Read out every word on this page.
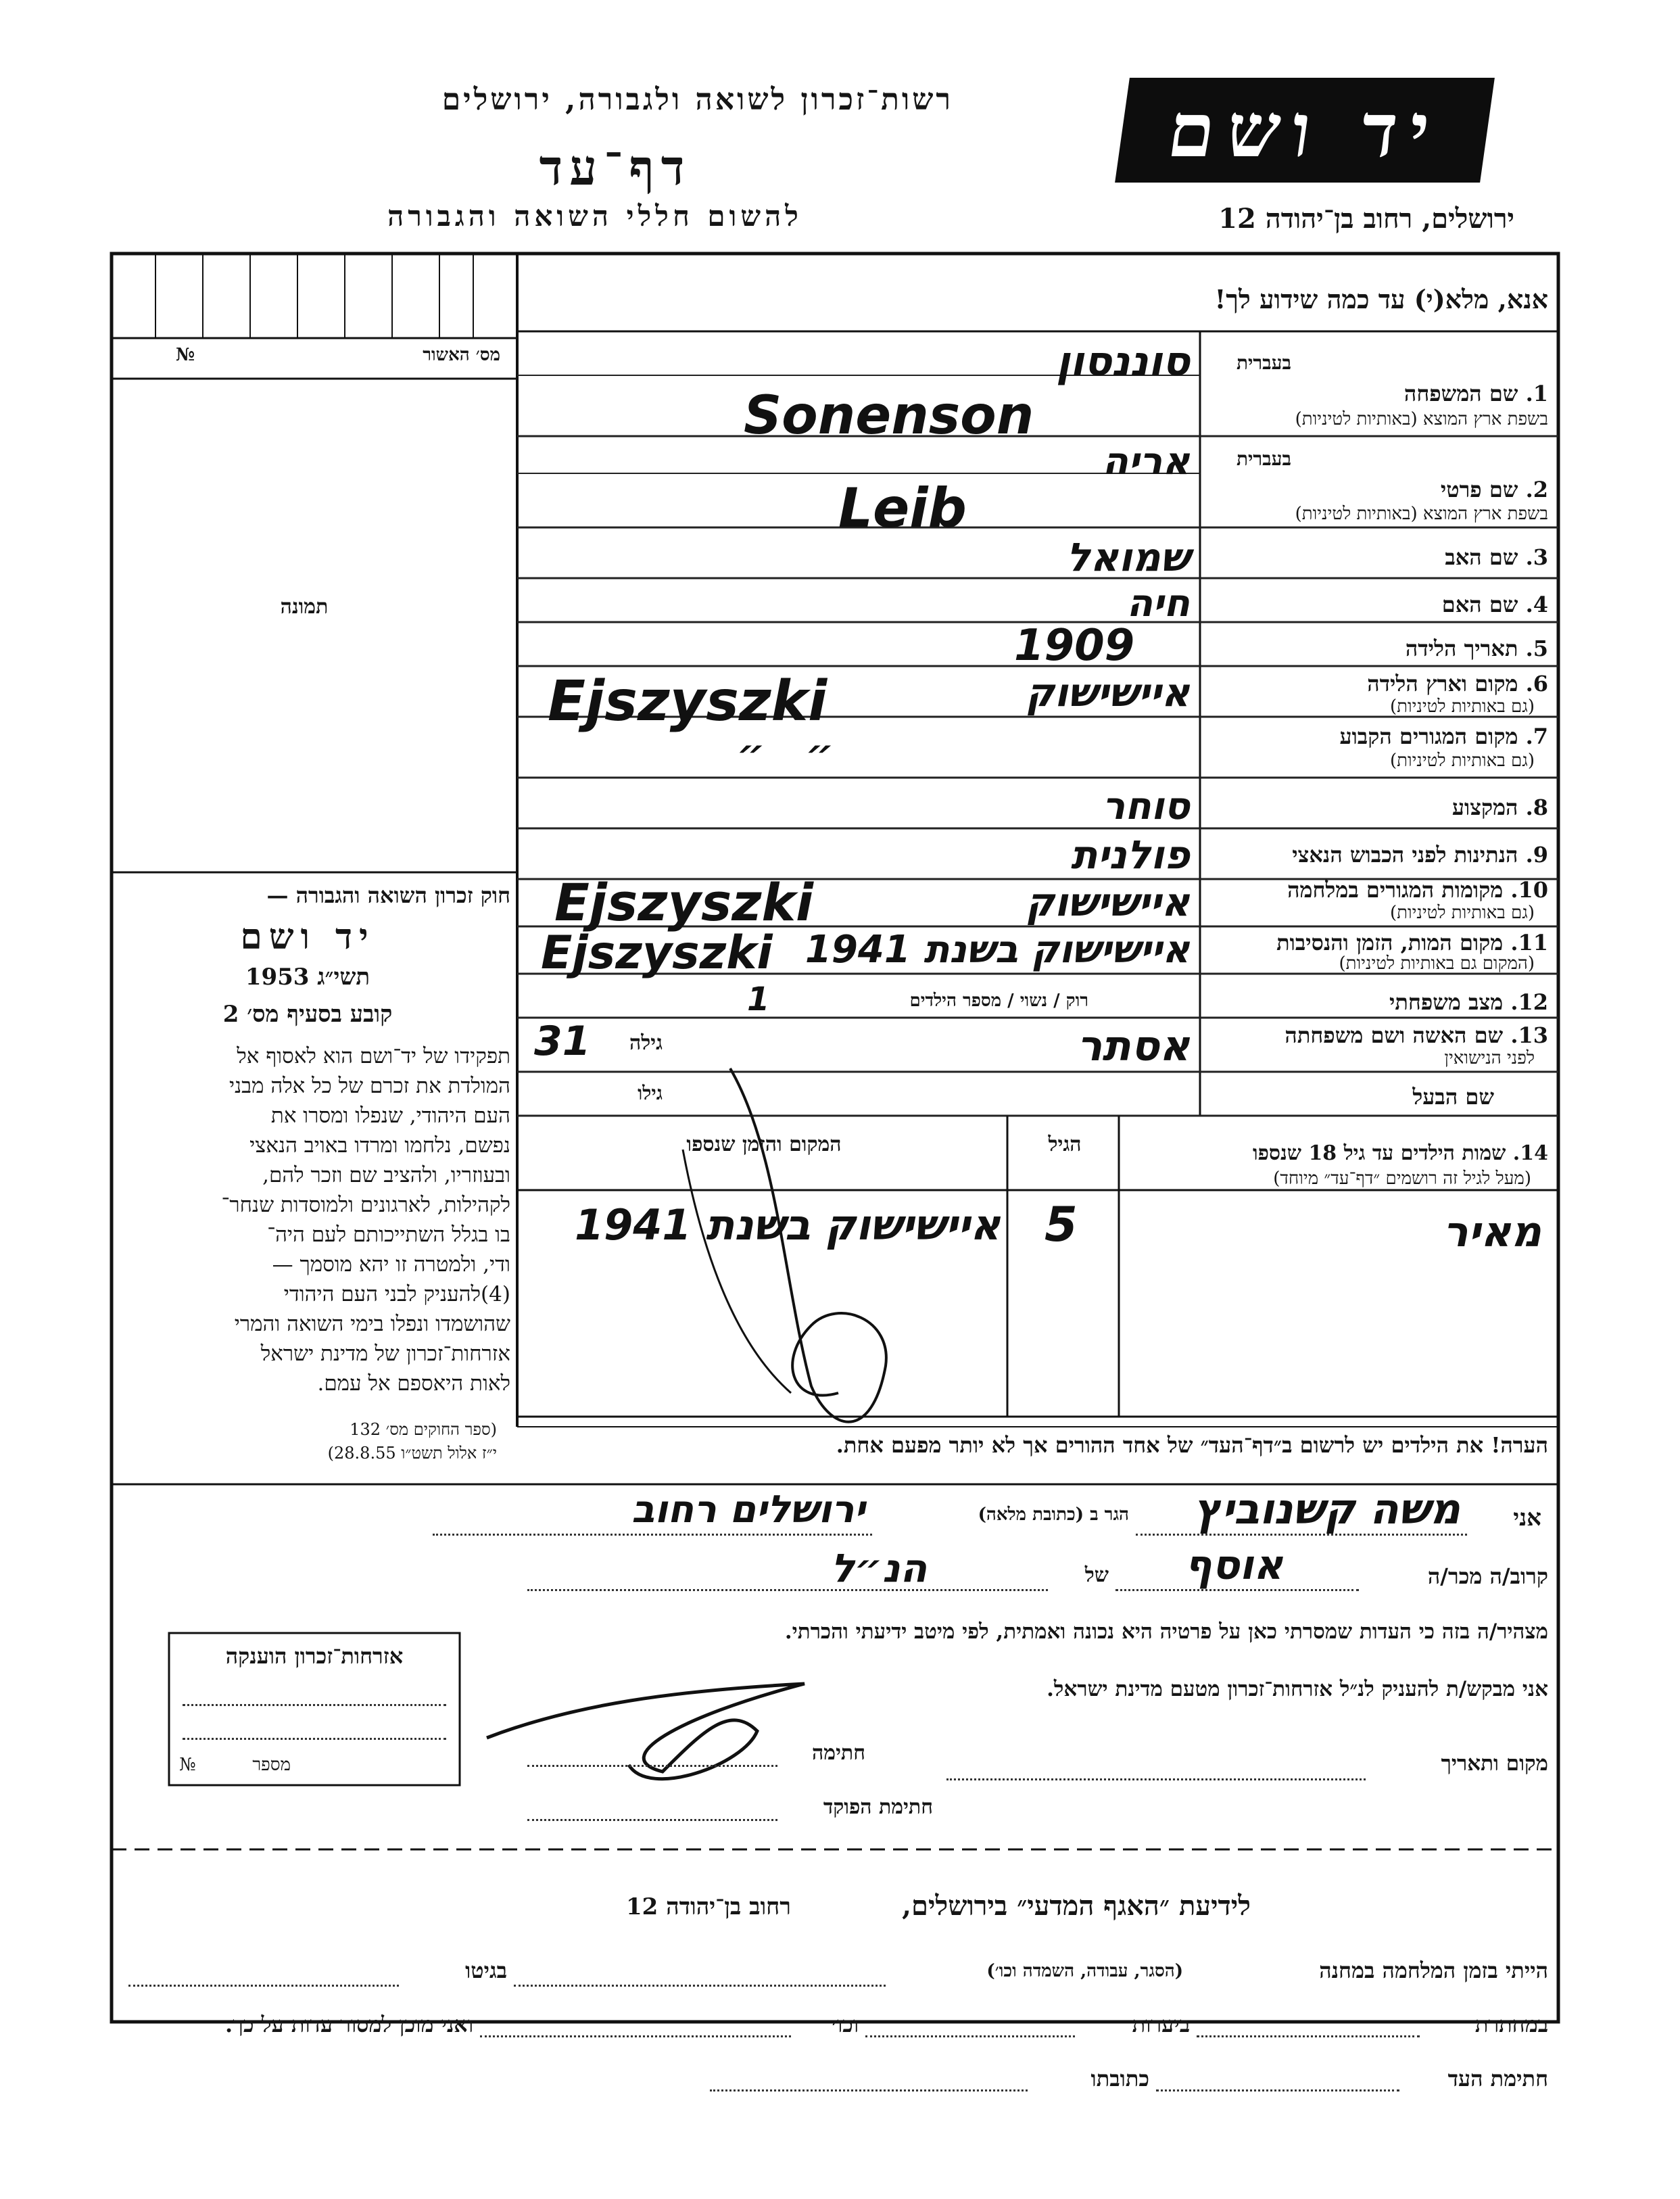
רשות־זכרון לשואה ולגבורה, ירושלים
דף־עד
להשום חללי השואה והגבורה
יד ושם
ירושלים, רחוב בן־יהודה 12
אנא, מלא(י) עד כמה שידוע לך!
מס׳ האשור
№
תמונה
חוק זכרון השואה והגבורה —
יד ושם
תשי״ג 1953
קובע בסעיף מס׳ 2
תפקידו של יד־ושם הוא לאסוף אל
המולדת את זכרם של כל אלה מבני
העם היהודי, שנפלו ומסרו את
נפשם, נלחמו ומרדו באויב הנאצי
ובעוזריו, ולהציב שם וזכר להם,
לקהילות, לארגונים ולמוסדות שנחר־
בו בגלל השתייכותם לעם היה־
ודי, ולמטרה זו יהא מוסמך —
(4)להעניק לבני העם היהודי
שהושמדו ונפלו בימי השואה והמרי
אזרחות־זכרון של מדינת ישראל
לאות היאספם אל עמם.
(ספר החוקים מס׳ 132
י״ז אלול תשט״ו 28.8.55)
אזרחות־זכרון הוענקה
מספר
№
בעברית
1. שם המשפחה
בשפת ארץ המוצא (באותיות לטיניות)
בעברית
2. שם פרטי
בשפת ארץ המוצא (באותיות לטיניות)
3. שם האב
4. שם האם
5. תאריך הלידה
6. מקום וארץ הלידה
(גם באותיות לטיניות)
7. מקום המגורים הקבוע
(גם באותיות לטיניות)
8. המקצוע
9. הנתינות לפני הכבוש הנאצי
10. מקומות המגורים במלחמה
(גם באותיות לטיניות)
11. מקום המות, הזמן והנסיבות
(המקום גם באותיות לטיניות)
12. מצב משפחתי
13. שם האשה ושם משפחתה
לפני הנישואין
שם הבעל
סוננסון
Sonenson
אריה
Leib
שמואל
חיה
1909
איישישוק
Ejszyszki
״   ״
סוחר
פולנית
איישישוק
Ejszyszki
איישישוק בשנת 1941
Ejszyszki
רוק / נשוי / מספר הילדים
1
אסתר
גילה
31
גילו
14. שמות הילדים עד גיל 18 שנספו
(מעל לגיל זה רושמים ״דף־עד״ מיוחד)
הגיל
המקום והזמן שנספו
מאיר
5
איישישוק בשנת 1941
הערה! את הילדים יש לרשום ב״דף־העד״ של אחד ההורים אך לא יותר מפעם אחת.
אני
משה קשנוביץ
הגר ב (כתובת מלאה)
ירושלים רחוב
קרוב/ה מכר/ה
אוסף
של
הנ״ל
מצהיר/ה בזה כי העדות שמסרתי כאן על פרטיה היא נכונה ואמתית, לפי מיטב ידיעתי והכרתי.
אני מבקש/ת להעניק לנ״ל אזרחות־זכרון מטעם מדינת ישראל.
מקום ותאריך
חתימה
חתימת הפוקד
לידיעת ״האגף המדעי״ בירושלים,
רחוב בן־יהודה 12
הייתי בזמן המלחמה במחנה
(הסגר, עבודה, השמדה וכו׳)
בגיטו
במחתרת
ביערות
וכו׳
ואני מוכן למסור עדות על כך.
חתימת העד
כתובתו
